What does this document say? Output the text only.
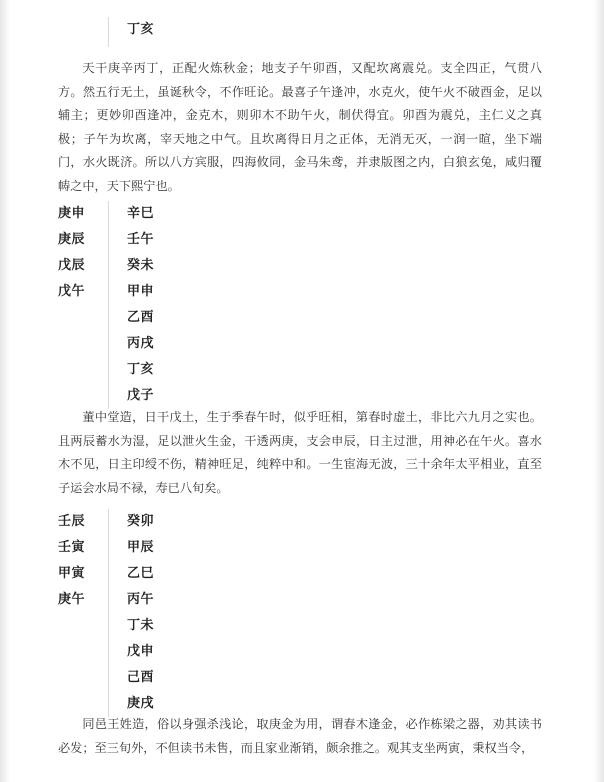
丁亥

天干庚辛丙丁，正配火炼秋金；地支子午卯酉，又配坎离震兑。支全四正，气贯八方。然五行无土，虽诞秋令，不作旺论。最喜子午逢冲，水克火，使午火不破酉金，足以辅主；更妙卯酉逢冲，金克木，则卯木不助午火，制伏得宜。卯酉为震兑，主仁义之真极；子午为坎离，宰天地之中气。且坎离得日月之正体，无消无灭，一润一暄，坐下端门，水火既济。所以八方宾服，四海攸同，金马朱鸢，并隶版图之内，白狼玄兔，咸归覆帱之中，天下熙宁也。

庚申
庚辰
戊辰
戊午
辛巳
壬午
癸未
甲申
乙酉
丙戌
丁亥
戊子

董中堂造，日干戊土，生于季春午时，似乎旺相，第春时虚土，非比六九月之实也。且两辰蓄水为湿，足以泄火生金，干透两庚，支会申辰，日主过泄，用神必在午火。喜水木不见，日主印绶不伤，精神旺足，纯粹中和。一生宦海无波，三十余年太平相业，直至子运会水局不禄，寿已八旬矣。

壬辰
壬寅
甲寅
庚午
癸卯
甲辰
乙巳
丙午
丁未
戊申
己酉
庚戌

同邑王姓造，俗以身强杀浅论，取庚金为用，谓春木逢金，必作栋梁之器，劝其读书必发；至三旬外，不但读书未售，而且家业渐销，颇余推之。观其支坐两寅，秉权当令，
